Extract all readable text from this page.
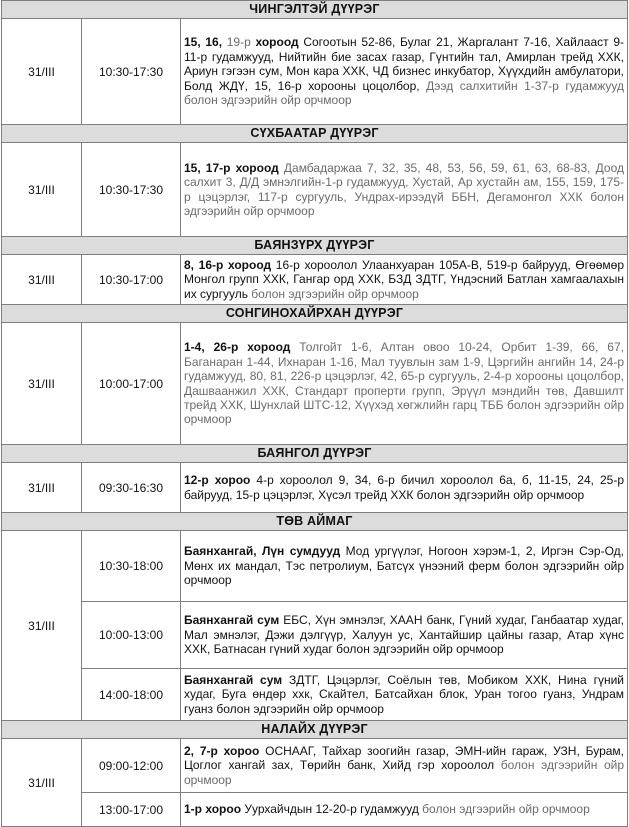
ЧИНГЭЛТЭЙ ДҮҮРЭГ		
31/III	10:30-17:30	15, 16, 19-р хороод Согоотын 52-86, Булаг 21, Жаргалант 7-16, Хайлааст 9-11-р гудамжууд, Нийтийн биe засах газар, Гүнтийн тал, Амирлан трейд ХХК, Ариун гэгээн сум, Мон кара ХХК, ЧД бизнес инкубатор, Хүүхдийн амбулатори, Болд ЖДҮ, 15, 16-р хорооны цоцолбор, Дээд салхитийн 1-37-р гудамжууд болон эдгээрийн ойр орчмоор
СҮХБААТАР ДҮҮРЭГ		
31/III	10:30-17:30	15, 17-р хороод Дамбадаржаа 7, 32, 35, 48, 53, 56, 59, 61, 63, 68-83, Доод салхит 3, Д/Д эмнэлгийн-1-р гудамжууд, Хустай, Ар хустайн ам, 155, 159, 175-р цэцэрлэг, 117-р сургууль, Ундрах-ирээдүй ББН, Дегамонгол ХХК болон эдгээрийн ойр орчмоор
БАЯНЗҮРХ ДҮҮРЭГ		
31/III	10:30-17:00	8, 16-р хороод 16-р хороолол Улаанхуаран 105А-В, 519-р байрууд, Өгөөмөр Монгол групп ХХК, Гангар орд ХХК, БЗД ЗДТГ, Үндэсний Батлан хамгаалахын их сургууль болон эдгээрийн ойр орчмоор
СОНГИНОХАЙРХАН ДҮҮРЭГ		
31/III	10:00-17:00	1-4, 26-р хороод Толгойт 1-6, Алтан овоо 10-24, Орбит 1-39, 66, 67, Баганаран 1-44, Ихнаран 1-16, Мал туувлын зам 1-9, Цэргийн ангийн 14, 24-р гудамжууд, 80, 81, 226-р цэцэрлэг, 42, 65-р сургууль, 2-4-р хорооны цоцолбор, Дашваанжил ХХК, Стандарт проперти групп, Эрүүл мэндийн төв, Давшилт трейд ХХК, Шунхлай ШТС-12, Хүүхэд хөгжлийн гарц ТББ болон эдгээрийн ойр орчмоор
БАЯНГОЛ ДҮҮРЭГ		
31/III	09:30-16:30	12-р хороо 4-р хороолол 9, 34, 6-р бичил хороолол 6а, б, 11-15, 24, 25-р байрууд, 15-р цэцэрлэг, Хүсэл трейд ХХК болон эдгээрийн ойр орчмоор
ТӨВ АЙМАГ		
31/III	10:30-18:00	Баянхангай, Лүн сумдууд Мод ургүүлэг, Ногоон хэрэм-1, 2, Иргэн Сэр-Од, Мөнх их мандал, Тэс петролиум, Батсүх үнээний ферм болон эдгээрийн ойр орчмоор
	10:00-13:00	Баянхангай сум ЕБС, Хүн эмнэлэг, ХААН банк, Гүний худаг, Ганбаатар худаг, Мал эмнэлэг, Дэжи дэлгүүр, Халуун ус, Хантайшир цайны газар, Атар хүнс ХХК, Батнасан гүний худаг болон эдгээрийн ойр орчмоор
	14:00-18:00	Баянхангай сум ЗДТГ, Цэцэрлэг, Соёлын төв, Мобиком ХХК, Нина гүний худаг, Буга өндөр ххк, Скайтел, Батсайхан блок, Уран тогоо гуанз, Ундрам гуанз болон эдгээрийн ойр орчмоор
НАЛАЙХ ДҮҮРЭГ		
31/III	09:00-12:00	2, 7-р хороо ОСНААГ, Тайхар зоогийн газар, ЭМН-ийн гараж, УЗН, Бурам, Цоглог хангай зах, Төрийн банк, Хийд гэр хороолол болон эдгээрийн ойр орчмоор
	13:00-17:00	1-р хороо Уурхайчдын 12-20-р гудамжууд болон эдгээрийн ойр орчмоор
